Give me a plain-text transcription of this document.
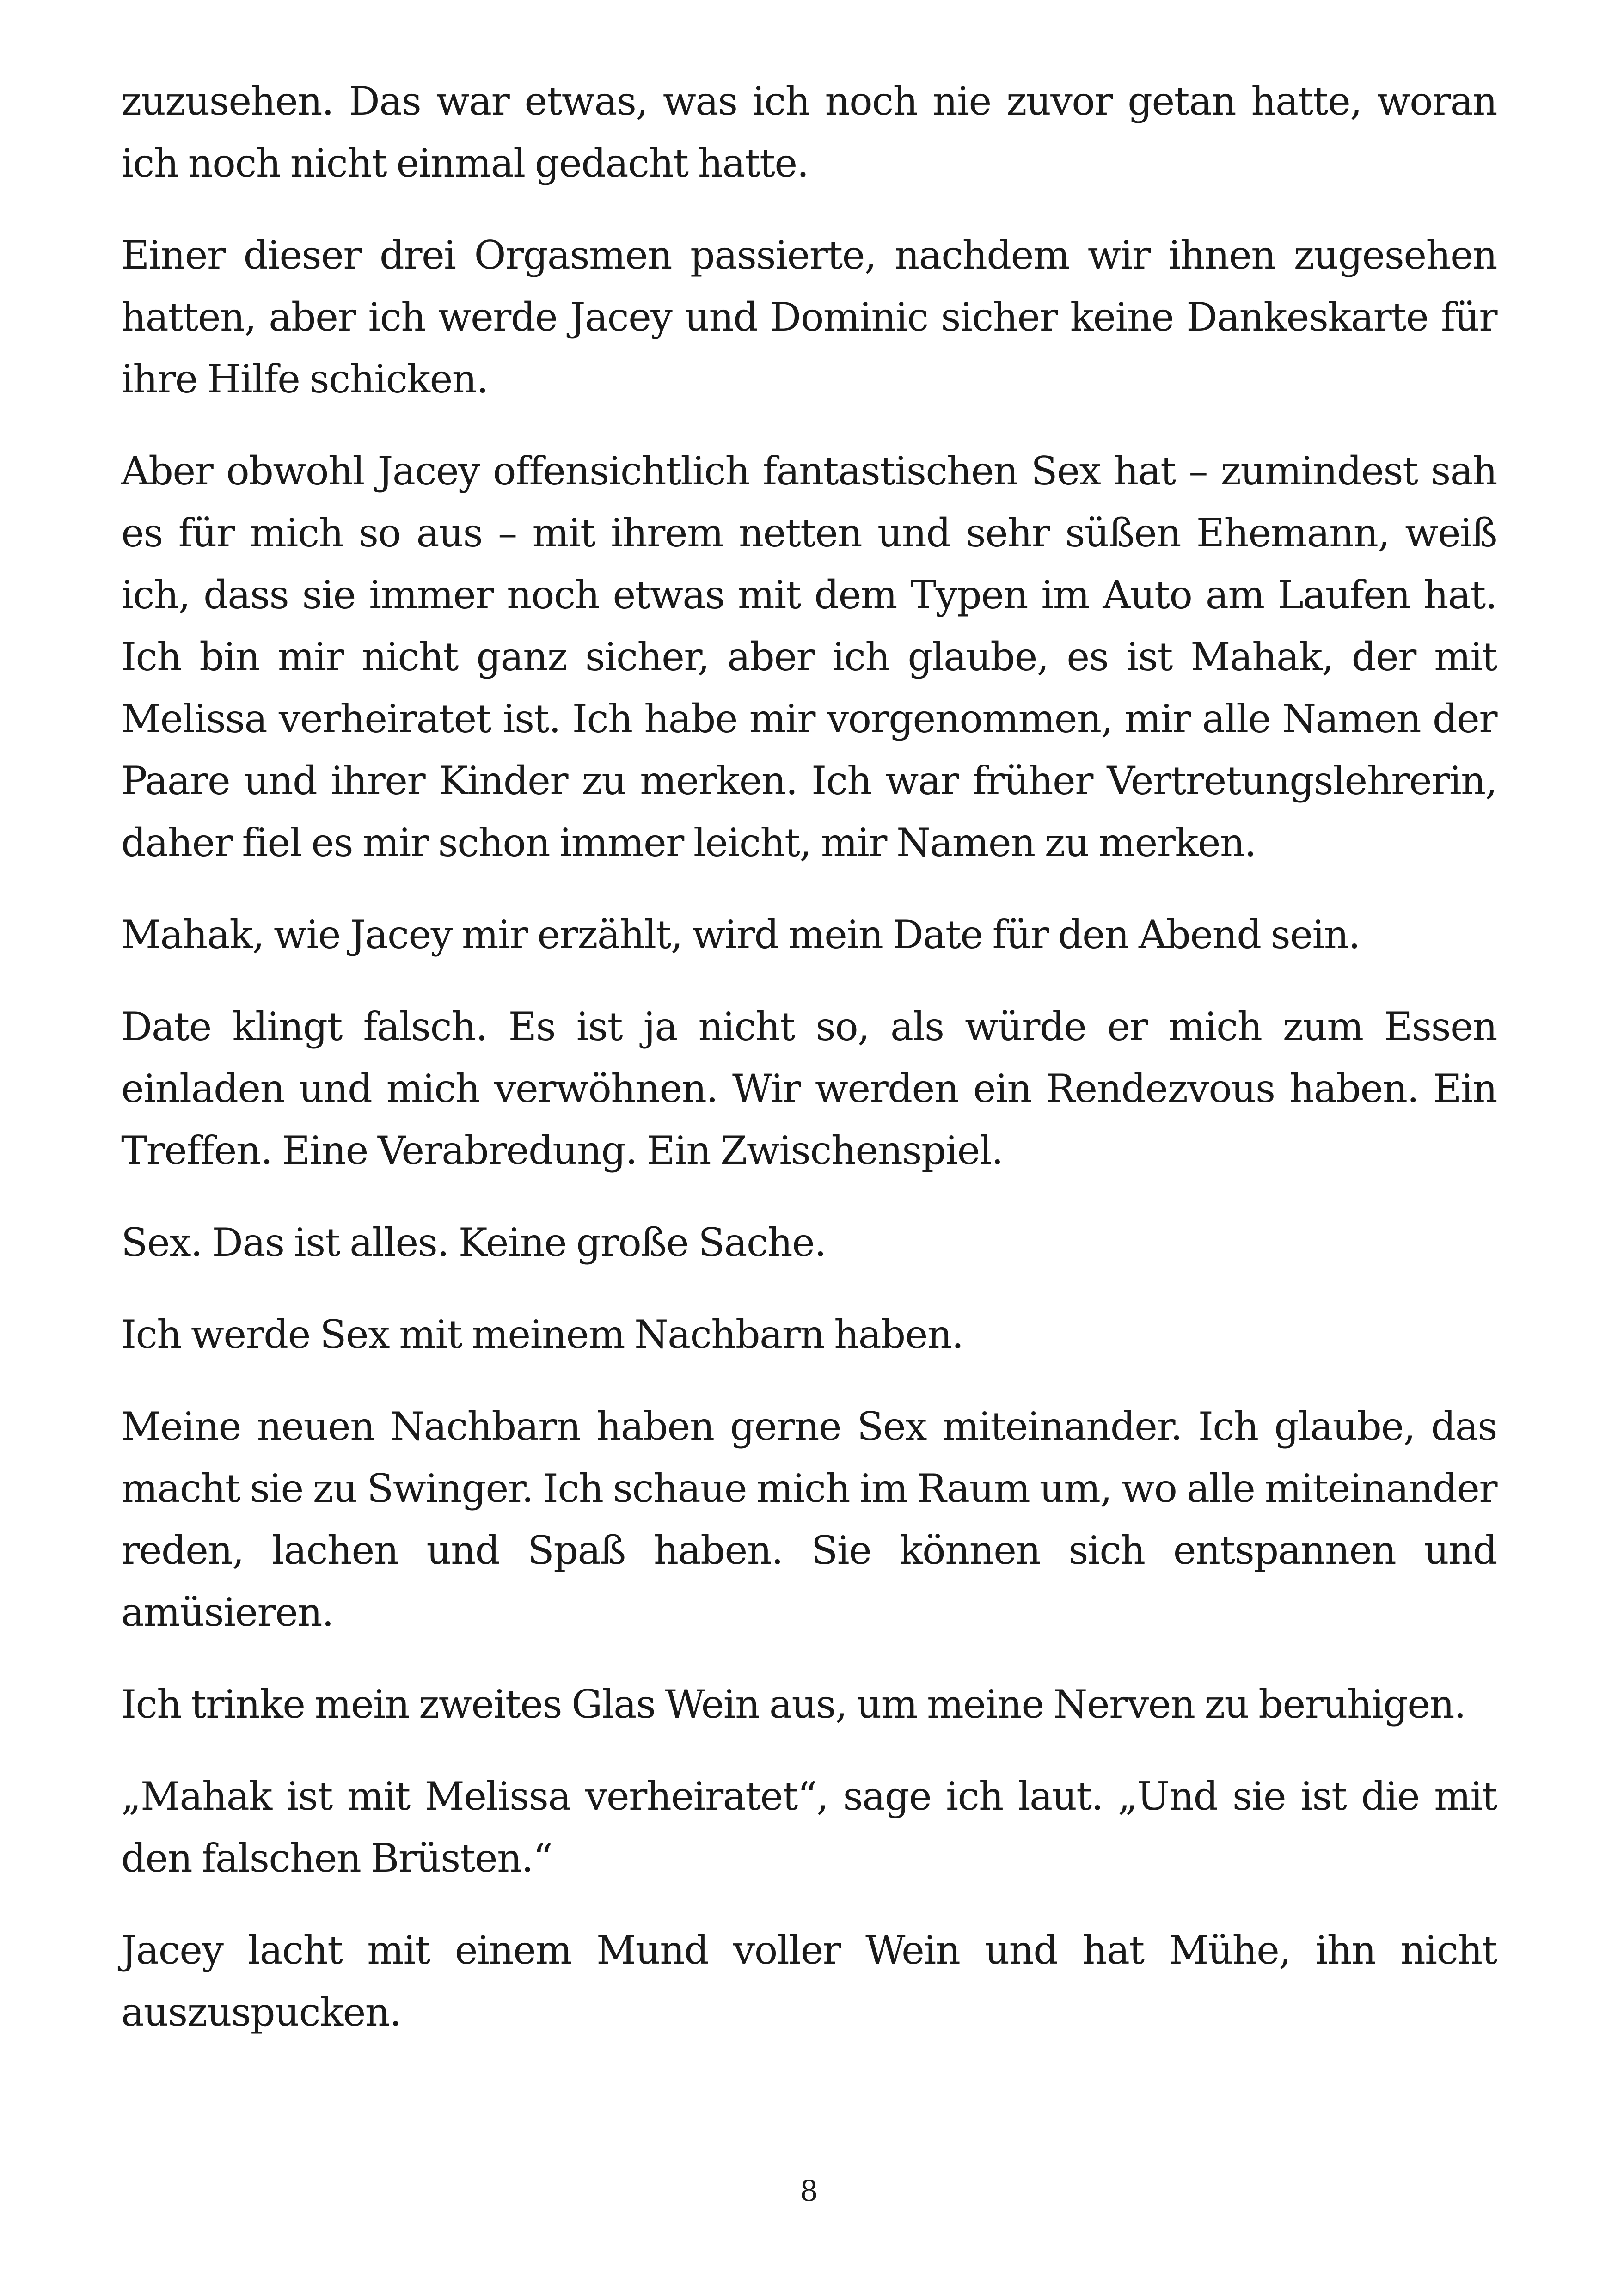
zuzusehen. Das war etwas, was ich noch nie zuvor getan hatte, woran ich noch nicht einmal gedacht hatte.

Einer dieser drei Orgasmen passierte, nachdem wir ihnen zugesehen hatten, aber ich werde Jacey und Dominic sicher keine Dankeskarte für ihre Hilfe schicken.

Aber obwohl Jacey offensichtlich fantastischen Sex hat – zumindest sah es für mich so aus – mit ihrem netten und sehr süßen Ehemann, weiß ich, dass sie immer noch etwas mit dem Typen im Auto am Laufen hat. Ich bin mir nicht ganz sicher, aber ich glaube, es ist Mahak, der mit Melissa verheiratet ist. Ich habe mir vorgenommen, mir alle Namen der Paare und ihrer Kinder zu merken. Ich war früher Vertretungslehrerin, daher fiel es mir schon immer leicht, mir Namen zu merken.

Mahak, wie Jacey mir erzählt, wird mein Date für den Abend sein.

Date klingt falsch. Es ist ja nicht so, als würde er mich zum Essen einladen und mich verwöhnen. Wir werden ein Rendezvous haben. Ein Treffen. Eine Verabredung. Ein Zwischenspiel.

Sex. Das ist alles. Keine große Sache.

Ich werde Sex mit meinem Nachbarn haben.

Meine neuen Nachbarn haben gerne Sex miteinander. Ich glaube, das macht sie zu Swinger. Ich schaue mich im Raum um, wo alle miteinander reden, lachen und Spaß haben. Sie können sich entspannen und amüsieren.

Ich trinke mein zweites Glas Wein aus, um meine Nerven zu beruhigen.

„Mahak ist mit Melissa verheiratet“, sage ich laut. „Und sie ist die mit den falschen Brüsten.“

Jacey lacht mit einem Mund voller Wein und hat Mühe, ihn nicht auszuspucken.

8
